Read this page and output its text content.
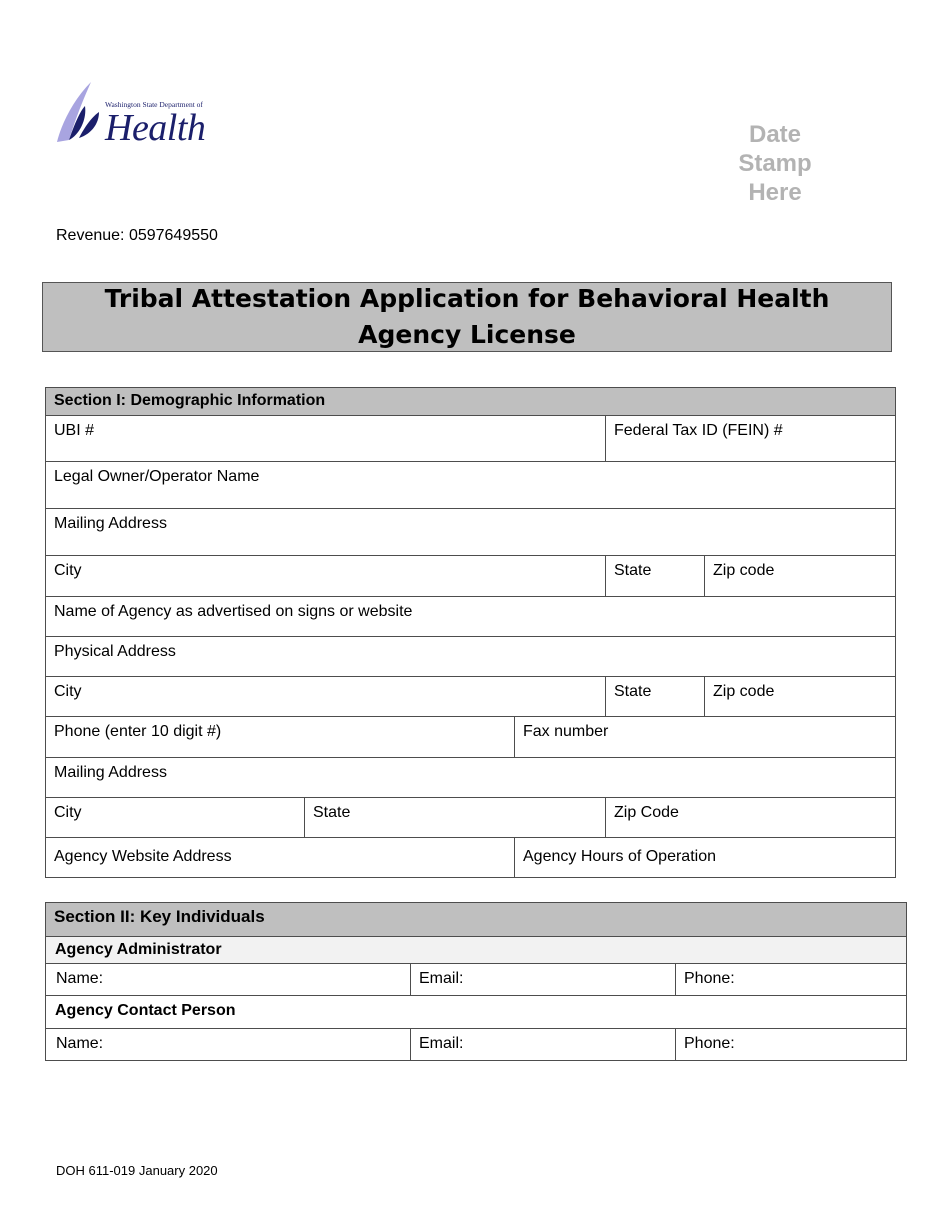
Washington State Department of
Health	Date
Stamp
Here
Revenue: 0597649550
Tribal Attestation Application for Behavioral Health Agency License
Section I: Demographic Information				
UBI #			Federal Tax ID (FEIN) #	
Legal Owner/Operator Name				
Mailing Address				
City			State	Zip code
Name of Agency as advertised on signs or website				
Physical Address				
City			State	Zip code
Phone (enter 10 digit #)		Fax number		
Mailing Address				
City	State		Zip Code	
Agency Website Address		Agency Hours of Operation		
Section II: Key Individuals		
Agency Administrator		
Name:	Email:	Phone:
Agency Contact Person		
Name:	Email:	Phone:
DOH 611-019 January 2020
